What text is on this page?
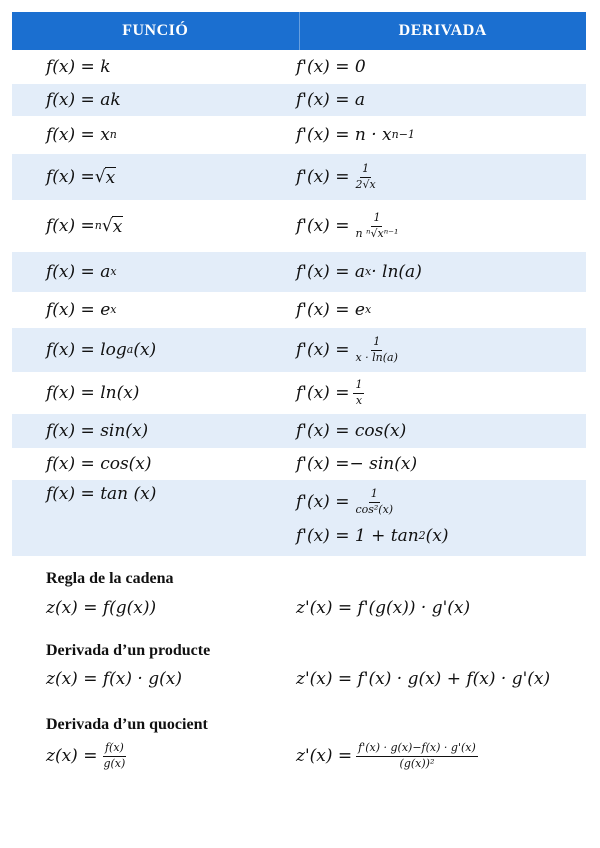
FUNCIÓ	DERIVADA
f(x) = k	f'(x) = 0
f(x) = ak	f'(x) = a
f(x) = x n	f'(x) = n · x n−1
f(x) = √ x	$f'(x) = \frac{1}{2√x}$
f(x) = n √ x	$f'(x) = \frac{1}{\text{n ⁿ√xⁿ⁻¹}}$
f(x) = a x	f'(x) = a x · ln(a)
f(x) = e x	f'(x) = e x
f(x) = log a (x)	$f'(x) = \frac{1}{x \cdot \ln(a)}$
f(x) = ln(x)	$f'(x) = \frac{1}{x}$
f(x) = sin(x)	f'(x) = cos(x)
f(x) = cos(x)	f'(x) =− sin(x)
f(x) = tan (x)	$f'(x) = \frac{1}{\text{cos²(x)}}$
f'(x) = 1 + tan 2 (x)
Regla de la cadena
z(x) = f(g(x))	z'(x) = f'(g(x)) · g'(x)
Derivada d’un producte
z(x) = f(x) · g(x)	z'(x) = f'(x) · g(x) + f(x) · g'(x)
Derivada d’un quocient
$z(x) = \frac{f(x)}{g(x)}$	$z'(x) = \frac{f'(x) \cdot g(x)-f(x) \cdot g'(x)}{\text{(g(x))²}}$
